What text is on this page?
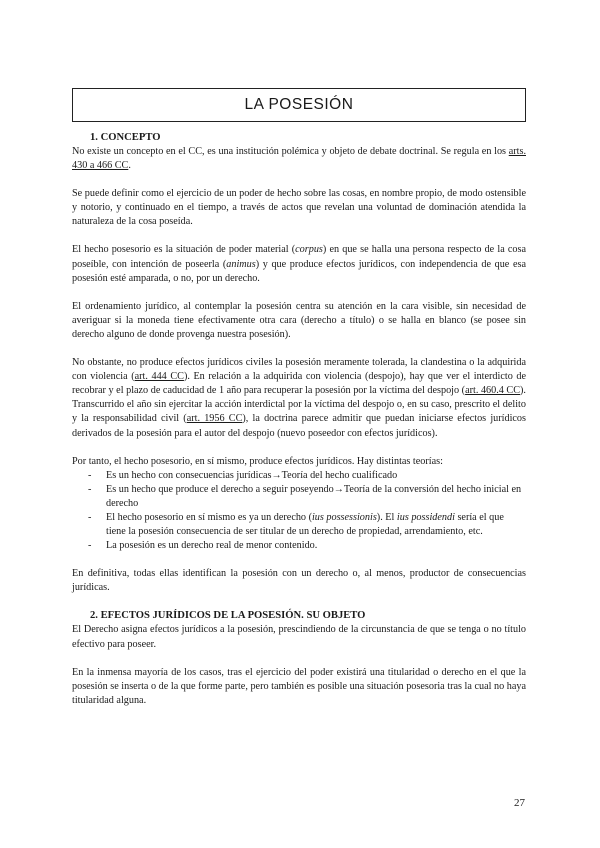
LA POSESIÓN
1. CONCEPTO

No existe un concepto en el CC, es una institución polémica y objeto de debate doctrinal. Se regula en los arts. 430 a 466 CC.

Se puede definir como el ejercicio de un poder de hecho sobre las cosas, en nombre propio, de modo ostensible y notorio, y continuado en el tiempo, a través de actos que revelan una voluntad de dominación atendida la naturaleza de la cosa poseída.

El hecho posesorio es la situación de poder material (corpus) en que se halla una persona respecto de la cosa poseíble, con intención de poseerla (animus) y que produce efectos jurídicos, con independencia de que esa posesión esté amparada, o no, por un derecho.

El ordenamiento jurídico, al contemplar la posesión centra su atención en la cara visible, sin necesidad de averiguar si la moneda tiene efectivamente otra cara (derecho a título) o se halla en blanco (se posee sin derecho alguno de donde provenga nuestra posesión).

No obstante, no produce efectos jurídicos civiles la posesión meramente tolerada, la clandestina o la adquirida con violencia (art. 444 CC). En relación a la adquirida con violencia (despojo), hay que ver el interdicto de recobrar y el plazo de caducidad de 1 año para recuperar la posesión por la víctima del despojo (art. 460.4 CC). Transcurrido el año sin ejercitar la acción interdictal por la víctima del despojo o, en su caso, prescrito el delito y la responsabilidad civil (art. 1956 CC), la doctrina parece admitir que puedan iniciarse efectos jurídicos derivados de la posesión para el autor del despojo (nuevo poseedor con efectos jurídicos).

Por tanto, el hecho posesorio, en sí mismo, produce efectos jurídicos. Hay distintas teorías:

- Es un hecho con consecuencias jurídicas→Teoría del hecho cualificado
- Es un hecho que produce el derecho a seguir poseyendo→Teoría de la conversión del hecho inicial en derecho
- El hecho posesorio en sí mismo es ya un derecho (ius possessionis). El ius possidendi sería el que tiene la posesión consecuencia de ser titular de un derecho de propiedad, arrendamiento, etc.
- La posesión es un derecho real de menor contenido.

En definitiva, todas ellas identifican la posesión con un derecho o, al menos, productor de consecuencias jurídicas.

2. EFECTOS JURÍDICOS DE LA POSESIÓN. SU OBJETO

El Derecho asigna efectos jurídicos a la posesión, prescindiendo de la circunstancia de que se tenga o no título efectivo para poseer.

En la inmensa mayoría de los casos, tras el ejercicio del poder existirá una titularidad o derecho en el que la posesión se inserta o de la que forme parte, pero también es posible una situación posesoria tras la cual no haya titularidad alguna.

27
